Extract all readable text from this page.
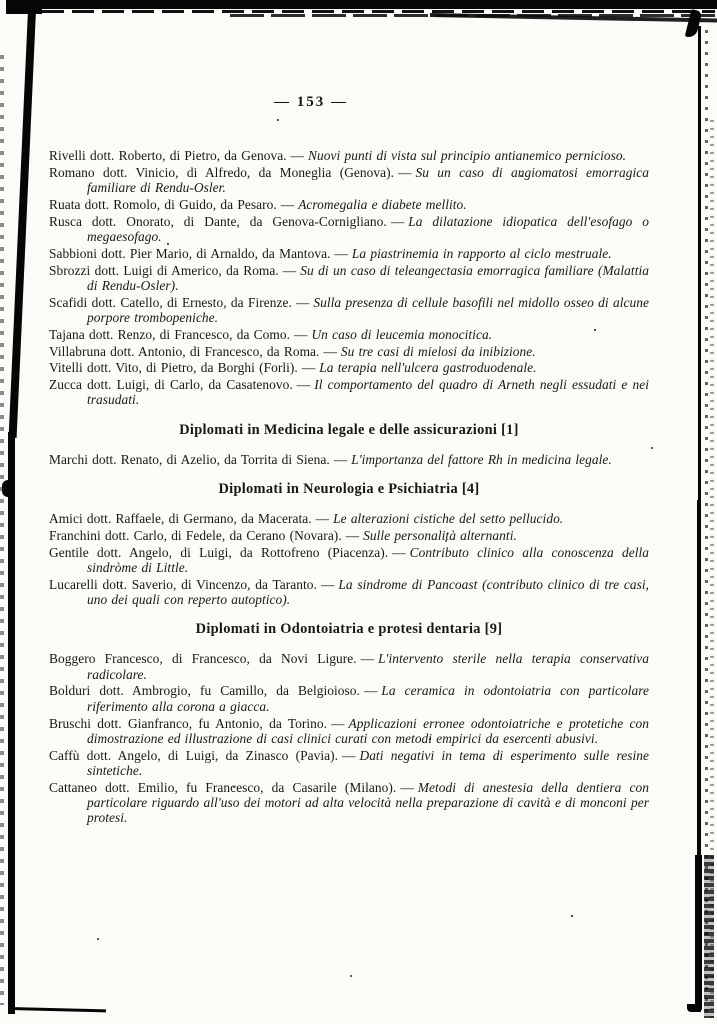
— 153 —

Rivelli dott. Roberto, di Pietro, da Genova. — Nuovi punti di vista sul principio antianemico pernicioso.

Romano dott. Vinicio, di Alfredo, da Moneglia (Genova). — Su un caso di angiomatosi emorragica familiare di Rendu-Osler.

Ruata dott. Romolo, di Guido, da Pesaro. — Acromegalia e diabete mellito.

Rusca dott. Onorato, di Dante, da Genova-Cornigliano. — La dilatazione idiopatica dell'esofago o megaesofago.

Sabbioni dott. Pier Mario, di Arnaldo, da Mantova. — La piastrinemia in rapporto al ciclo mestruale.

Sbrozzi dott. Luigi di Americo, da Roma. — Su di un caso di teleangectasia emorragica familiare (Malattia di Rendu-Osler).

Scafidi dott. Catello, di Ernesto, da Firenze. — Sulla presenza di cellule basofili nel midollo osseo di alcune porpore trombopeniche.

Tajana dott. Renzo, di Francesco, da Como. — Un caso di leucemia monocitica.

Villabruna dott. Antonio, di Francesco, da Roma. — Su tre casi di mielosi da inibizione.

Vitelli dott. Vito, di Pietro, da Borghi (Forli). — La terapia nell'ulcera gastroduodenale.

Zucca dott. Luigi, di Carlo, da Casatenovo. — Il comportamento del quadro di Arneth negli essudati e nei trasudati.

Diplomati in Medicina legale e delle assicurazioni [1]

Marchi dott. Renato, di Azelio, da Torrita di Siena. — L'importanza del fattore Rh in medicina legale.

Diplomati in Neurologia e Psichiatria [4]

Amici dott. Raffaele, di Germano, da Macerata. — Le alterazioni cistiche del setto pellucido.

Franchini dott. Carlo, di Fedele, da Cerano (Novara). — Sulle personalità alternanti.

Gentile dott. Angelo, di Luigi, da Rottofreno (Piacenza). — Contributo clinico alla conoscenza della sindròme di Little.

Lucarelli dott. Saverio, di Vincenzo, da Taranto. — La sindrome di Pancoast (contributo clinico di tre casi, uno dei quali con reperto autoptico).

Diplomati in Odontoiatria e protesi dentaria [9]

Boggero Francesco, di Francesco, da Novi Ligure. — L'intervento sterile nella terapia conservativa radicolare.

Bolduri dott. Ambrogio, fu Camillo, da Belgioioso. — La ceramica in odontoiatria con particolare riferimento alla corona a giacca.

Bruschi dott. Gianfranco, fu Antonio, da Torino. — Applicazioni erronee odontoiatriche e protetiche con dimostrazione ed illustrazione di casi clinici curati con metodi empirici da esercenti abusivi.

Caffù dott. Angelo, di Luigi, da Zinasco (Pavia). — Dati negativi in tema di esperimento sulle resine sintetiche.

Cattaneo dott. Emilio, fu Francesco, da Casarile (Milano). — Metodi di anestesia della dentiera con particolare riguardo all'uso dei motori ad alta velocità nella preparazione di cavità e di monconi per protesi.
